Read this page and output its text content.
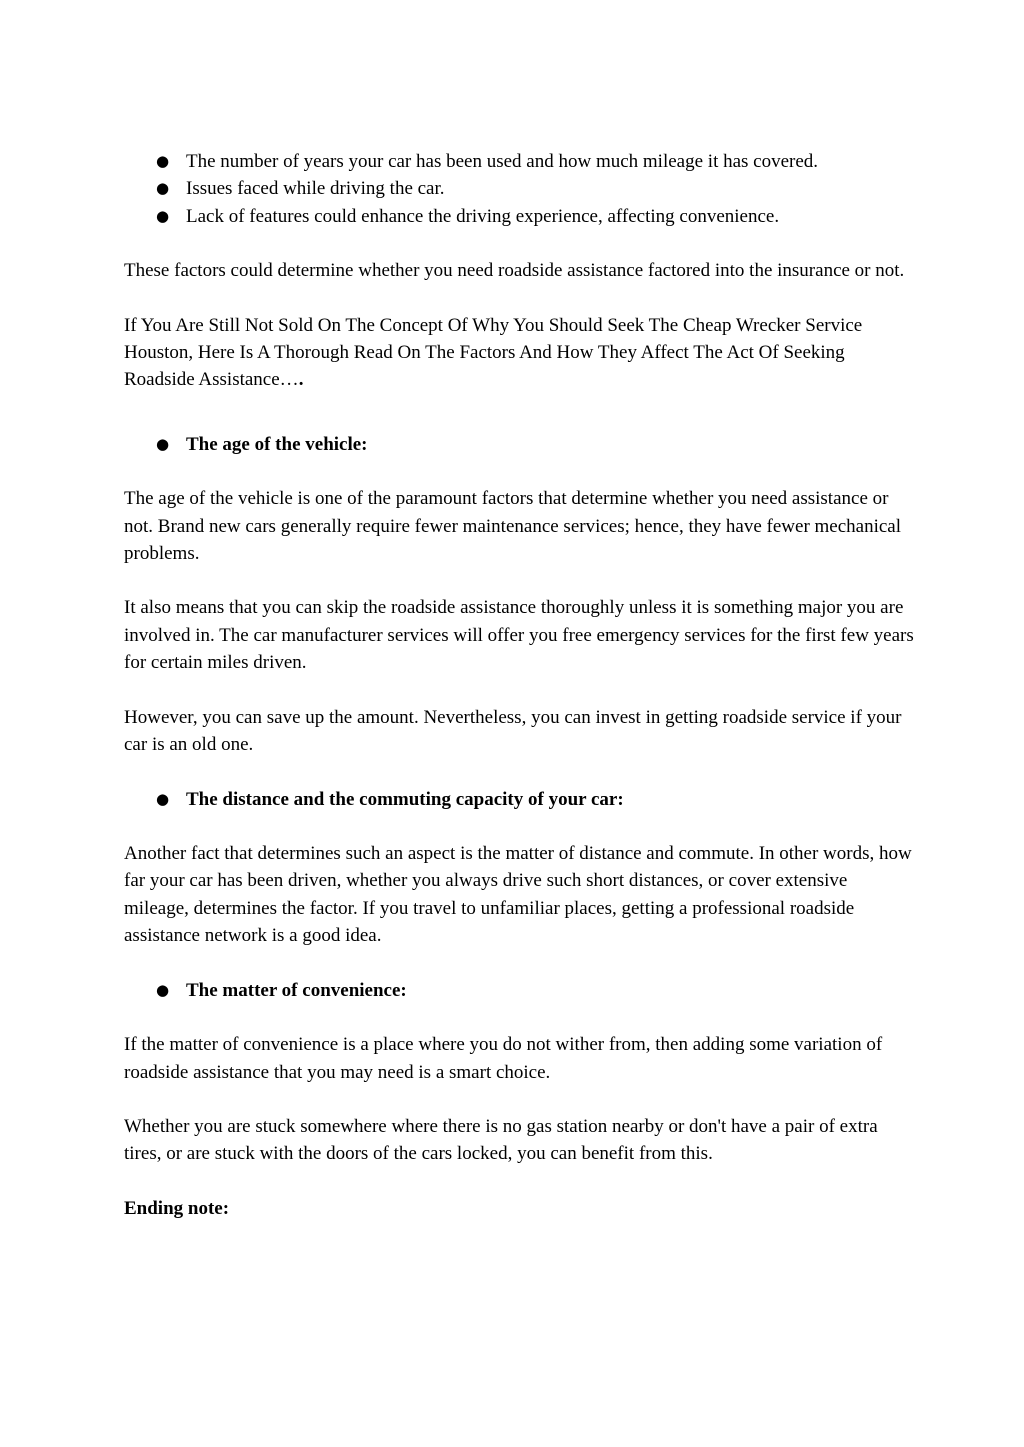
● The number of years your car has been used and how much mileage it has covered.
● Issues faced while driving the car.
● Lack of features could enhance the driving experience, affecting convenience.

These factors could determine whether you need roadside assistance factored into the insurance or not.

If You Are Still Not Sold On The Concept Of Why You Should Seek The Cheap Wrecker Service Houston, Here Is A Thorough Read On The Factors And How They Affect The Act Of Seeking Roadside Assistance….

● The age of the vehicle:

The age of the vehicle is one of the paramount factors that determine whether you need assistance or not. Brand new cars generally require fewer maintenance services; hence, they have fewer mechanical problems.

It also means that you can skip the roadside assistance thoroughly unless it is something major you are involved in. The car manufacturer services will offer you free emergency services for the first few years for certain miles driven.

However, you can save up the amount. Nevertheless, you can invest in getting roadside service if your car is an old one.

● The distance and the commuting capacity of your car:

Another fact that determines such an aspect is the matter of distance and commute. In other words, how far your car has been driven, whether you always drive such short distances, or cover extensive mileage, determines the factor. If you travel to unfamiliar places, getting a professional roadside assistance network is a good idea.

● The matter of convenience:

If the matter of convenience is a place where you do not wither from, then adding some variation of roadside assistance that you may need is a smart choice.

Whether you are stuck somewhere where there is no gas station nearby or don't have a pair of extra tires, or are stuck with the doors of the cars locked, you can benefit from this.

Ending note:
